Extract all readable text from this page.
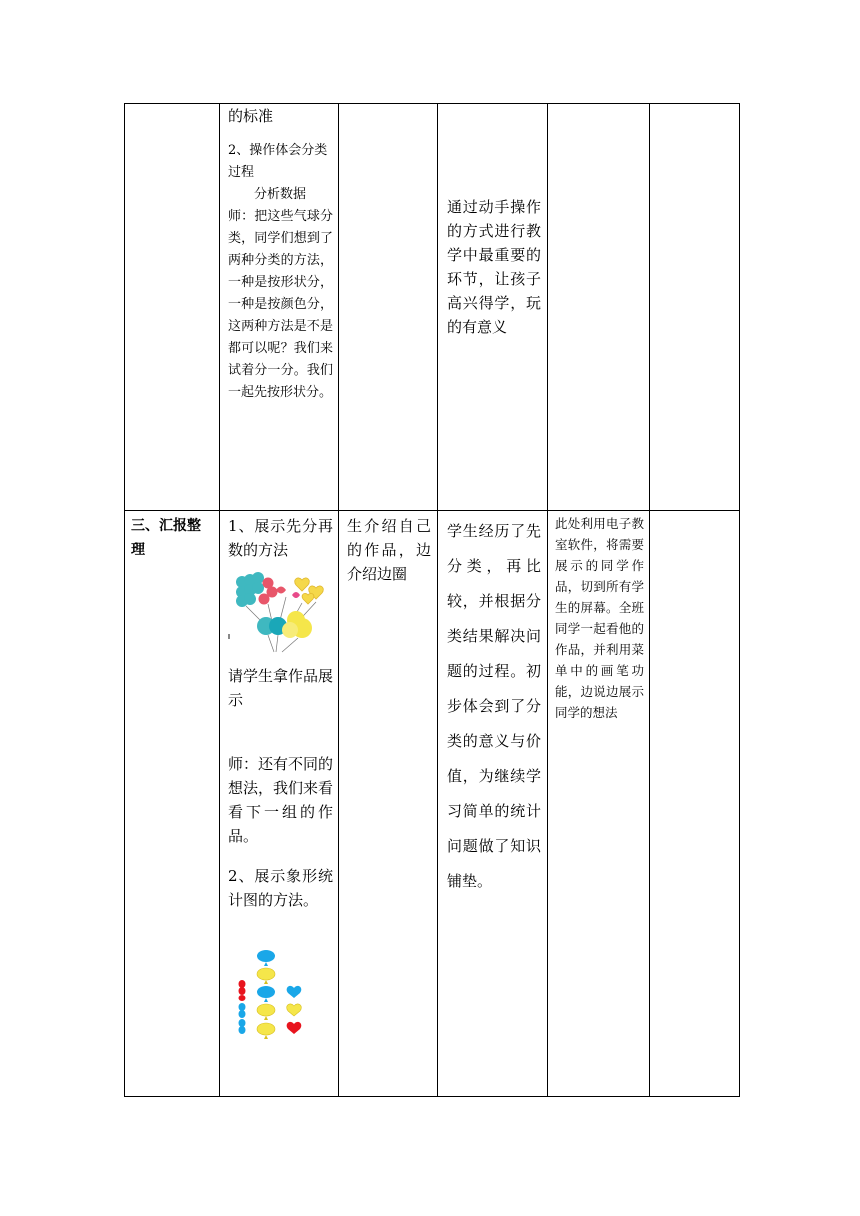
	的标准

2、操作体会分类过程

分析数据

师：把这些气球分类，同学们想到了两种分类的方法，一种是按形状分，一种是按颜色分，这两种方法是不是都可以呢？我们来试着分一分。我们一起先按形状分。		通过动手操作的方式进行教学中最重要的环节，让孩子高兴得学，玩的有意义		

三、汇报整理	1、展示先分再数的方法

请学生拿作品展示

师：还有不同的想法，我们来看看下一组的作品。

2、展示象形统计图的方法。	生介绍自己的作品，边介绍边圈	学生经历了先分类，再比较，并根据分类结果解决问题的过程。初步体会到了分类的意义与价值，为继续学习简单的统计问题做了知识铺垫。	此处利用电子教室软件，将需要展示的同学作品，切到所有学生的屏幕。全班同学一起看他的作品，并利用菜单中的画笔功能，边说边展示同学的想法	
